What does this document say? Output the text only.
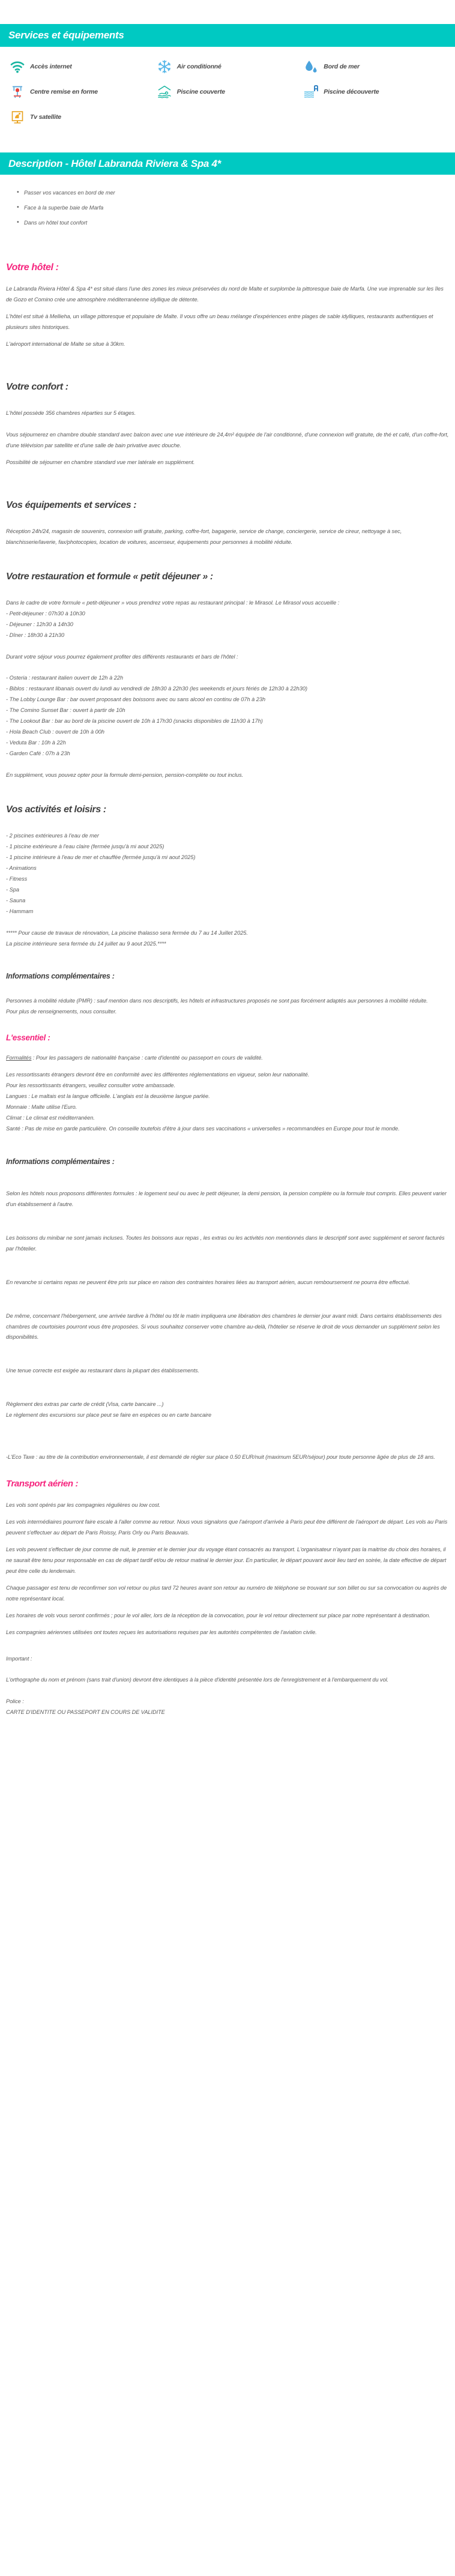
Services et équipements
Accès internet	Air conditionné	Bord de mer
Centre remise en forme	Piscine couverte	Piscine découverte
Tv satellite
Description - Hôtel Labranda Riviera & Spa 4*
• Passer vos vacances en bord de mer
• Face à la superbe baie de Marfa
• Dans un hôtel tout confort
Votre hôtel :

Le Labranda Riviera Hôtel & Spa 4* est situé dans l'une des zones les mieux préservées du nord de Malte et surplombe la pittoresque baie de Marfa. Une vue imprenable sur les îles de Gozo et Comino crée une atmosphère méditerranéenne idyllique de détente.

L'hôtel est situé à Mellieha, un village pittoresque et populaire de Malte. Il vous offre un beau mélange d'expériences entre plages de sable idylliques, restaurants authentiques et plusieurs sites historiques.

L'aéroport international de Malte se situe à 30km.

Votre confort :

L'hôtel possède 356 chambres réparties sur 5 étages.

Vous séjournerez en chambre double standard avec balcon avec une vue intérieure de 24,4m² équipée de l'air conditionné, d'une connexion wifi gratuite, de thé et café, d'un coffre-fort, d'une télévision par satellite et d'une salle de bain privative avec douche.

Possibilité de séjourner en chambre standard vue mer latérale en supplément.

Vos équipements et services :

Réception 24h/24, magasin de souvenirs, connexion wifi gratuite, parking, coffre-fort, bagagerie, service de change, conciergerie, service de cireur, nettoyage à sec, blanchisserie/laverie, fax/photocopies, location de voitures, ascenseur, équipements pour personnes à mobilité réduite.

Votre restauration et formule « petit déjeuner » :

Dans le cadre de votre formule « petit-déjeuner » vous prendrez votre repas au restaurant principal : le Mirasol. Le Mirasol vous accueille :

- Petit-déjeuner : 07h30 à 10h30
- Déjeuner : 12h30 à 14h30
- Dîner : 18h30 à 21h30

Durant votre séjour vous pourrez également profiter des différents restaurants et bars de l'hôtel :

- Osteria : restaurant italien ouvert de 12h à 22h
- Biblos : restaurant libanais ouvert du lundi au vendredi de 18h30 à 22h30 (les weekends et jours fériés de 12h30 à 22h30)
- The Lobby Lounge Bar : bar ouvert proposant des boissons avec ou sans alcool en continu de 07h à 23h
- The Comino Sunset Bar : ouvert à partir de 10h
- The Lookout Bar : bar au bord de la piscine ouvert de 10h à 17h30 (snacks disponibles de 11h30 à 17h)
- Hola Beach Club : ouvert de 10h à 00h
- Veduta Bar : 10h à 22h
- Garden Café : 07h à 23h

En supplément, vous pouvez opter pour la formule demi-pension, pension-complète ou tout inclus.

Vos activités et loisirs :
- 2 piscines extérieures à l'eau de mer
- 1 piscine extérieure à l'eau claire (fermée jusqu'à mi aout 2025)
- 1 piscine intérieure à l'eau de mer et chauffée (fermée jusqu'à mi aout 2025)
- Animations
- Fitness
- Spa
- Sauna
- Hammam
***** Pour cause de travaux de rénovation, La piscine thalasso sera fermée du 7 au 14 Juillet 2025.
La piscine intérrieure sera fermée du 14 juillet au 9 aout 2025.****
Informations complémentaires :

Personnes à mobilité réduite (PMR) : sauf mention dans nos descriptifs, les hôtels et infrastructures proposés ne sont pas forcément adaptés aux personnes à mobilité réduite.

Pour plus de renseignements, nous consulter.

L'essentiel :

Formalités : Pour les passagers de nationalité française : carte d'identité ou passeport en cours de validité.

Les ressortissants étrangers devront être en conformité avec les différentes réglementations en vigueur, selon leur nationalité.

Pour les ressortissants étrangers, veuillez consulter votre ambassade.

Langues : Le maltais est la langue officielle. L'anglais est la deuxième langue parlée.

Monnaie : Malte utilise l'Euro.

Climat : Le climat est méditerranéen.

Santé : Pas de mise en garde particulière. On conseille toutefois d'être à jour dans ses vaccinations « universelles » recommandées en Europe pour tout le monde.

Informations complémentaires :

Selon les hôtels nous proposons différentes formules : le logement seul ou avec le petit déjeuner, la demi pension, la pension complète ou la formule tout compris. Elles peuvent varier d'un établissement à l'autre.

Les boissons du minibar ne sont jamais incluses. Toutes les boissons aux repas , les extras ou les activités non mentionnés dans le descriptif sont avec supplément et seront facturés par l'hôtelier.

En revanche si certains repas ne peuvent être pris sur place en raison des contraintes horaires liées au transport aérien, aucun remboursement ne pourra être effectué.

De même, concernant l'hébergement, une arrivée tardive à l'hôtel ou tôt le matin impliquera une libération des chambres le dernier jour avant midi. Dans certains établissements des chambres de courtoisies pourront vous être proposées. Si vous souhaitez conserver votre chambre au-delà, l'hôtelier se réserve le droit de vous demander un supplément selon les disponibilités.

Une tenue correcte est exigée au restaurant dans la plupart des établissements.

Règlement des extras par carte de crédit (Visa, carte bancaire ...)

Le règlement des excursions sur place peut se faire en espèces ou en carte bancaire

-L'Eco Taxe : au titre de la contribution environnementale, il est demandé de régler sur place 0.50 EUR/nuit (maximum 5EUR/séjour) pour toute personne âgée de plus de 18 ans.

Transport aérien :

Les vols sont opérés par les compagnies régulières ou low cost.

Les vols intermédiaires pourront faire escale à l'aller comme au retour. Nous vous signalons que l'aéroport d'arrivée à Paris peut être différent de l'aéroport de départ. Les vols au Paris peuvent s'effectuer au départ de Paris Roissy, Paris Orly ou Paris Beauvais.

Les vols peuvent s'effectuer de jour comme de nuit, le premier et le dernier jour du voyage étant consacrés au transport. L'organisateur n'ayant pas la maitrise du choix des horaires, il ne saurait être tenu pour responsable en cas de départ tardif et/ou de retour matinal le dernier jour. En particulier, le départ pouvant avoir lieu tard en soirée, la date effective de départ peut être celle du lendemain.

Chaque passager est tenu de reconfirmer son vol retour ou plus tard 72 heures avant son retour au numéro de téléphone se trouvant sur son billet ou sur sa convocation ou auprès de notre représentant local.

Les horaires de vols vous seront confirmés ; pour le vol aller, lors de la réception de la convocation, pour le vol retour directement sur place par notre représentant à destination.

Les compagnies aériennes utilisées ont toutes reçues les autorisations requises par les autorités compétentes de l'aviation civile.

Important :

L'orthographe du nom et prénom (sans trait d'union) devront être identiques à la pièce d'identité présentée lors de l'enregistrement et à l'embarquement du vol.

Police :

CARTE D'IDENTITE OU PASSEPORT EN COURS DE VALIDITE
